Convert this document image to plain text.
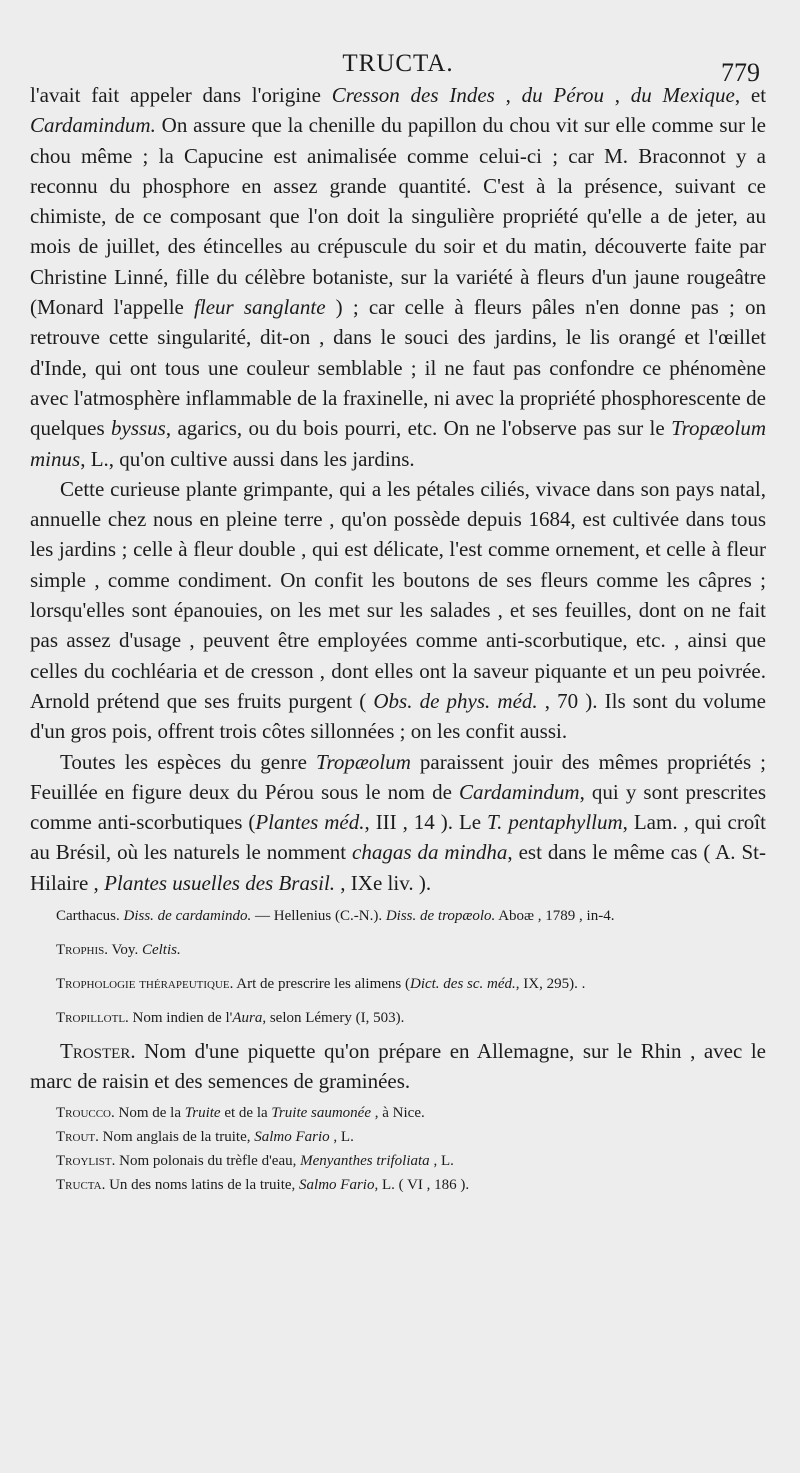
TRUCTA.	779

l'avait fait appeler dans l'origine Cresson des Indes , du Pérou , du Mexique, et Cardamindum. On assure que la chenille du papillon du chou vit sur elle comme sur le chou même ; la Capucine est animalisée comme celui-ci ; car M. Braconnot y a reconnu du phosphore en assez grande quantité. C'est à la présence, suivant ce chimiste, de ce composant que l'on doit la singulière propriété qu'elle a de jeter, au mois de juillet, des étincelles au crépuscule du soir et du matin, découverte faite par Christine Linné, fille du célèbre botaniste, sur la variété à fleurs d'un jaune rougeâtre (Monard l'appelle fleur sanglante ) ; car celle à fleurs pâles n'en donne pas ; on retrouve cette singularité, dit-on , dans le souci des jardins, le lis orangé et l'œillet d'Inde, qui ont tous une couleur semblable ; il ne faut pas confondre ce phénomène avec l'atmosphère inflammable de la fraxinelle, ni avec la propriété phosphorescente de quelques byssus, agarics, ou du bois pourri, etc. On ne l'observe pas sur le Tropæolum minus, L., qu'on cultive aussi dans les jardins.

Cette curieuse plante grimpante, qui a les pétales ciliés, vivace dans son pays natal, annuelle chez nous en pleine terre , qu'on possède depuis 1684, est cultivée dans tous les jardins ; celle à fleur double , qui est délicate, l'est comme ornement, et celle à fleur simple , comme condiment. On confit les boutons de ses fleurs comme les câpres ; lorsqu'elles sont épanouies, on les met sur les salades , et ses feuilles, dont on ne fait pas assez d'usage , peuvent être employées comme anti-scorbutique, etc. , ainsi que celles du cochléaria et de cresson , dont elles ont la saveur piquante et un peu poivrée. Arnold prétend que ses fruits purgent ( Obs. de phys. méd. , 70 ). Ils sont du volume d'un gros pois, offrent trois côtes sillonnées ; on les confit aussi.

Toutes les espèces du genre Tropæolum paraissent jouir des mêmes propriétés ; Feuillée en figure deux du Pérou sous le nom de Cardamindum, qui y sont prescrites comme anti-scorbutiques (Plantes méd., III , 14 ). Le T. pentaphyllum, Lam. , qui croît au Brésil, où les naturels le nomment chagas da mindha, est dans le même cas ( A. St-Hilaire , Plantes usuelles des Brasil. , IXe liv. ).

Carthacus. Diss. de cardamindo. — Hellenius (C.-N.). Diss. de tropæolo. Aboæ , 1789 , in-4.

Trophis. Voy. Celtis.

Trophologie thérapeutique. Art de prescrire les alimens (Dict. des sc. méd., IX, 295). .

Tropillotl. Nom indien de l'Aura, selon Lémery (I, 503).

Troster. Nom d'une piquette qu'on prépare en Allemagne, sur le Rhin , avec le marc de raisin et des semences de graminées.

Troucco. Nom de la Truite et de la Truite saumonée , à Nice.

Trout. Nom anglais de la truite, Salmo Fario , L.

Troylist. Nom polonais du trèfle d'eau, Menyanthes trifoliata , L.

Tructa. Un des noms latins de la truite, Salmo Fario, L. ( VI , 186 ).
